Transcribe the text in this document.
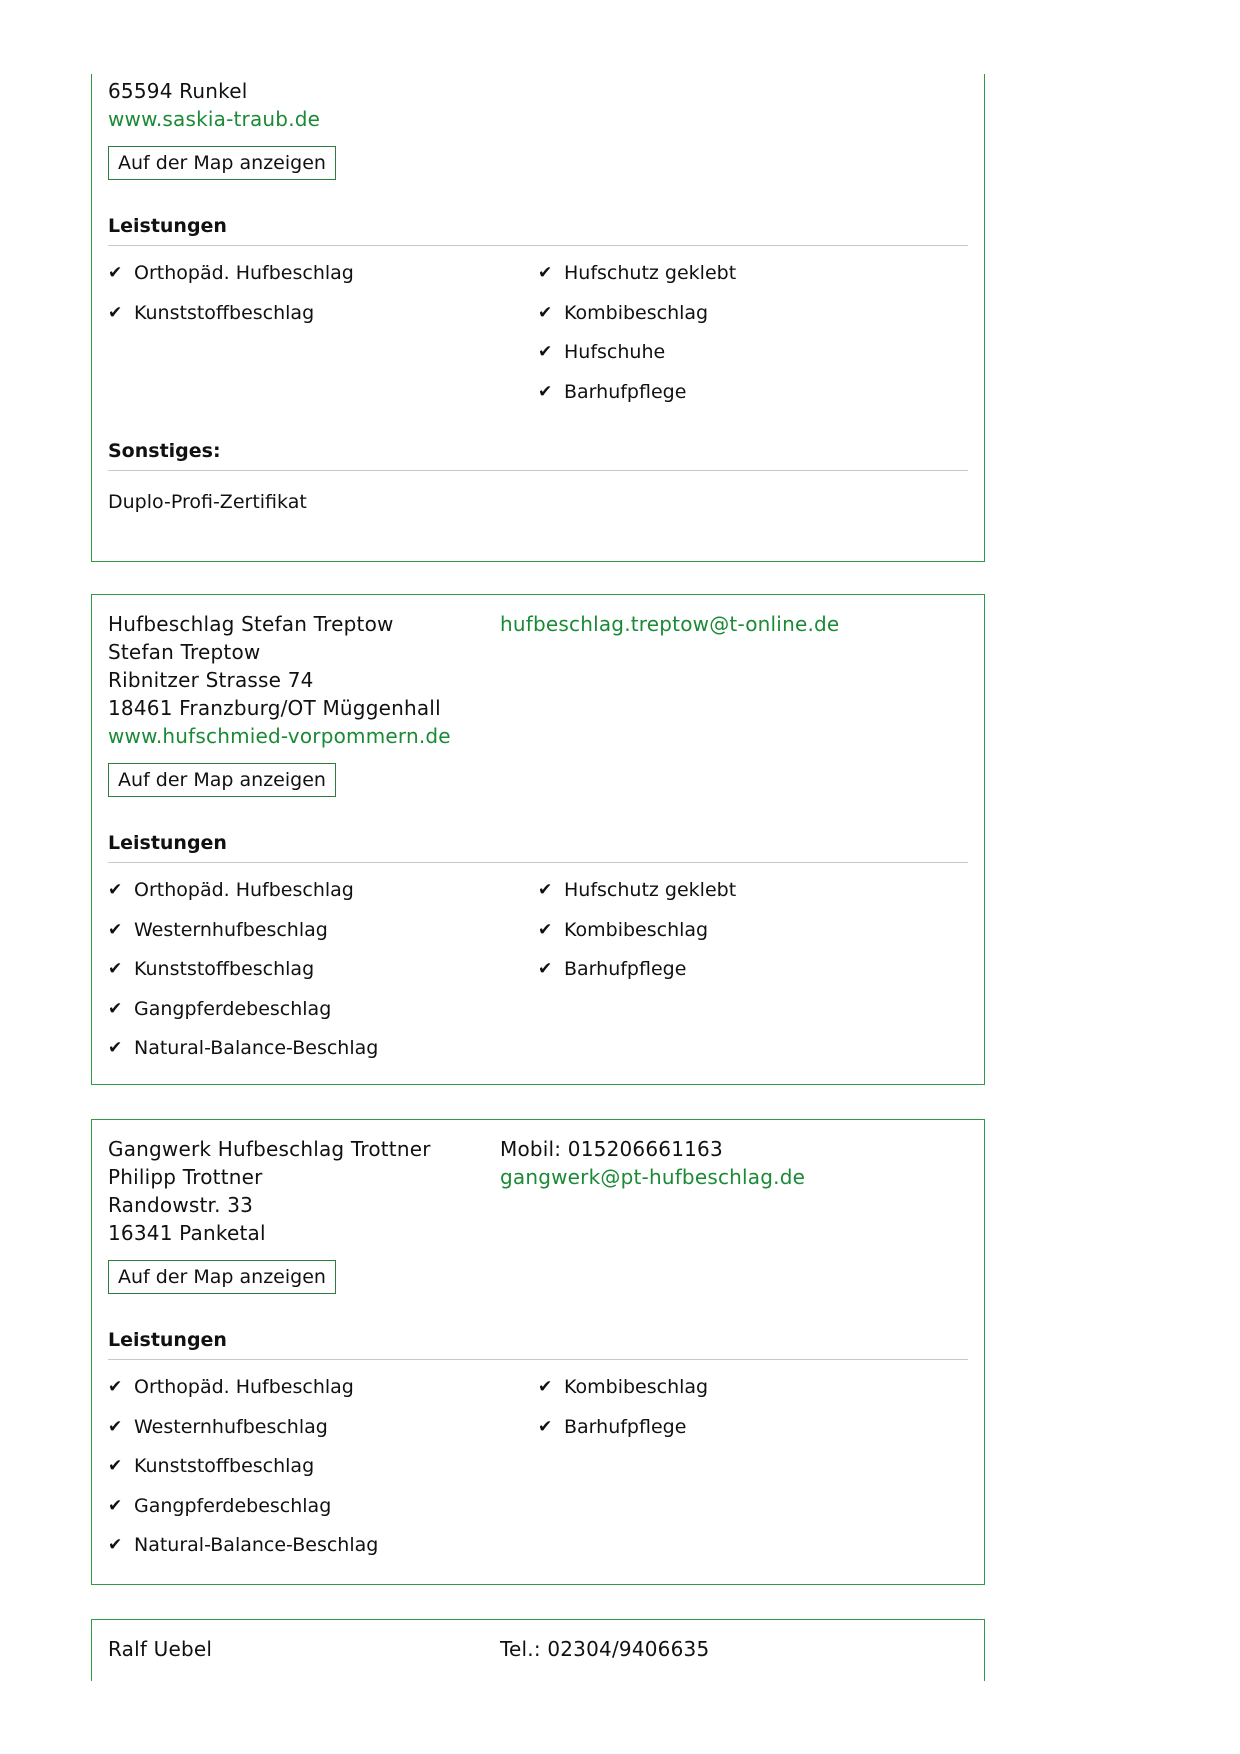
65594 Runkel
www.saskia-traub.de
Auf der Map anzeigen
Leistungen
✔ Orthopäd. Hufbeschlag
✔ Kunststoffbeschlag
✔ Hufschutz geklebt
✔ Kombibeschlag
✔ Hufschuhe
✔ Barhufpflege
Sonstiges:
Duplo-Profi-Zertifikat
Hufbeschlag Stefan Treptow
Stefan Treptow
Ribnitzer Strasse 74
18461 Franzburg/OT Müggenhall
www.hufschmied-vorpommern.de
hufbeschlag.treptow@t-online.de
Auf der Map anzeigen
Leistungen
✔ Orthopäd. Hufbeschlag
✔ Westernhufbeschlag
✔ Kunststoffbeschlag
✔ Gangpferdebeschlag
✔ Natural-Balance-Beschlag
✔ Hufschutz geklebt
✔ Kombibeschlag
✔ Barhufpflege
Gangwerk Hufbeschlag Trottner
Philipp Trottner
Randowstr. 33
16341 Panketal
Mobil: 015206661163
gangwerk@pt-hufbeschlag.de
Auf der Map anzeigen
Leistungen
✔ Orthopäd. Hufbeschlag
✔ Westernhufbeschlag
✔ Kunststoffbeschlag
✔ Gangpferdebeschlag
✔ Natural-Balance-Beschlag
✔ Kombibeschlag
✔ Barhufpflege
Ralf Uebel	Tel.: 02304/9406635
